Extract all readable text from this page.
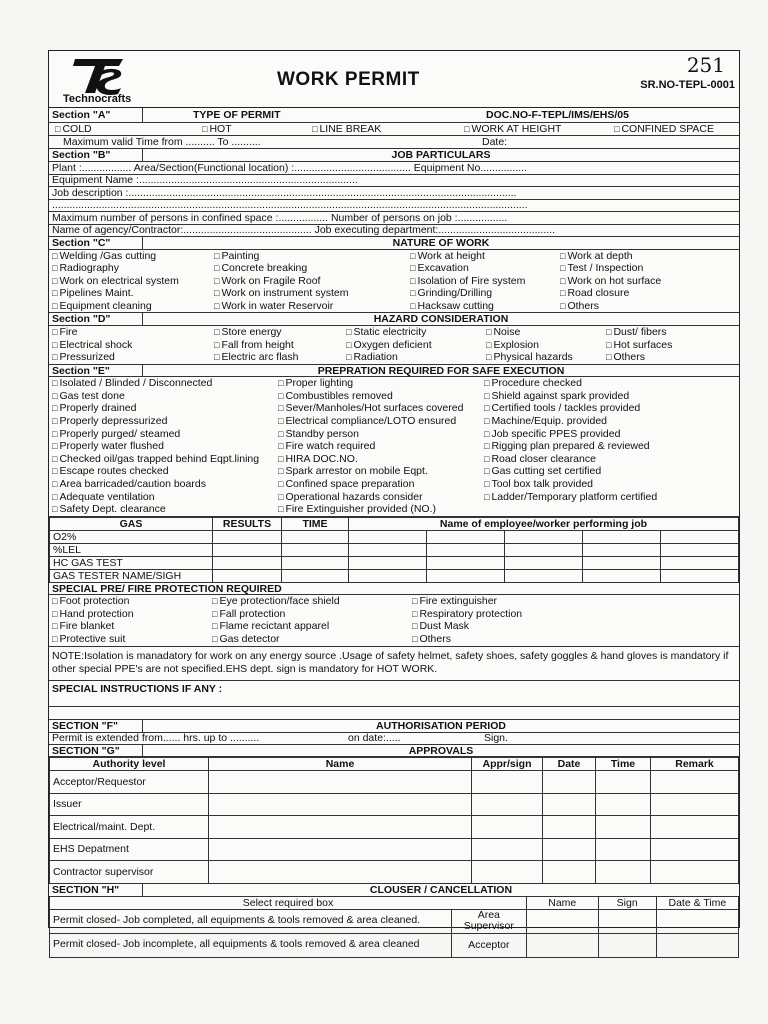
Technocrafts
WORK PERMIT
251
SR.NO-TEPL-0001
Section "A"	TYPE OF PERMIT	DOC.NO-F-TEPL/IMS/EHS/05
□ COLD	□ HOT	□ LINE BREAK	□ WORK AT HEIGHT	□ CONFINED SPACE
Maximum valid Time from .......... To ..........	Date:
Section "B"	JOB PARTICULARS
Plant :................. Area/Section(Functional location) :........................................ Equipment No................
Equipment Name :...........................................................................
Job description :.....................................................................................................................................
...................................................................................................................................................................
Maximum number of persons in confined space :................. Number of persons on job :.................
Name of agency/Contractor:............................................ Job executing department:........................................
Section "C"	NATURE OF WORK
□ Welding /Gas cutting	□ Painting	□ Work at height	□ Work at depth
□ Radiography	□ Concrete breaking	□ Excavation	□ Test / Inspection
□ Work on electrical system	□ Work on Fragile Roof	□ Isolation of Fire system	□ Work on hot surface
□ Pipelines Maint.	□ Work on instrument system	□ Grinding/Drilling	□ Road closure
□ Equipment cleaning	□ Work in water Reservoir	□ Hacksaw cutting	□ Others
Section "D"	HAZARD CONSIDERATION
□ Fire	□ Store energy	□ Static electricity	□ Noise	□ Dust/ fibers
□ Electrical shock	□ Fall from height	□ Oxygen deficient	□ Explosion	□ Hot surfaces
□ Pressurized	□ Electric arc flash	□ Radiation	□ Physical hazards	□ Others
Section "E"	PREPRATION REQUIRED FOR SAFE EXECUTION
□ Isolated / Blinded / Disconnected	□ Proper lighting	□ Procedure checked
□ Gas test done	□ Combustibles removed	□ Shield against spark provided
□ Properly drained	□ Sever/Manholes/Hot surfaces covered	□ Certified tools / tackles provided
□ Properly depressurized	□ Electrical compliance/LOTO ensured	□ Machine/Equip. provided
□ Properly purged/ steamed	□ Standby person	□ Job specific PPES provided
□ Properly water flushed	□ Fire watch required	□ Rigging plan prepared & reviewed
□ Checked oil/gas trapped behind Eqpt.lining	□ HIRA DOC.NO.	□ Road closer clearance
□ Escape routes checked	□ Spark arrestor on mobile Eqpt.	□ Gas cutting set certified
□ Area barricaded/caution boards	□ Confined space preparation	□ Tool box talk provided
□ Adequate ventilation	□ Operational hazards consider	□ Ladder/Temporary platform certified
□ Safety Dept. clearance	□ Fire Extinguisher provided (NO.)
GAS	RESULTS	TIME	Name of employee/worker performing job				
O2%							
%LEL							
HC GAS TEST							
GAS TESTER NAME/SIGH							
SPECIAL PRE/ FIRE PROTECTION REQUIRED
□ Foot protection	□ Eye protection/face shield	□ Fire extinguisher
□ Hand protection	□ Fall protection	□ Respiratory protection
□ Fire blanket	□ Flame recictant apparel	□ Dust Mask
□ Protective suit	□ Gas detector	□ Others
NOTE:Isolation is manadatory for work on any energy source .Usage of safety helmet, safety shoes, safety goggles & hand gloves is mandatory if other special PPE's are not specified.EHS dept. sign is mandatory for HOT WORK.
SPECIAL INSTRUCTIONS IF ANY :
SECTION "F"	AUTHORISATION PERIOD
Permit is extended from...... hrs. up to ..........	on date:.....	Sign.
SECTION "G"	APPROVALS
Authority level	Name	Appr/sign	Date	Time	Remark
Acceptor/Requestor					
Issuer					
Electrical/maint. Dept.					
EHS Depatment					
Contractor supervisor					
SECTION "H"	CLOUSER / CANCELLATION
Select required box		Name	Sign	Date & Time
Permit closed- Job completed, all equipments & tools removed & area cleaned.	Area Supervisor			
Permit closed- Job incomplete, all equipments & tools removed & area cleaned	Acceptor			
